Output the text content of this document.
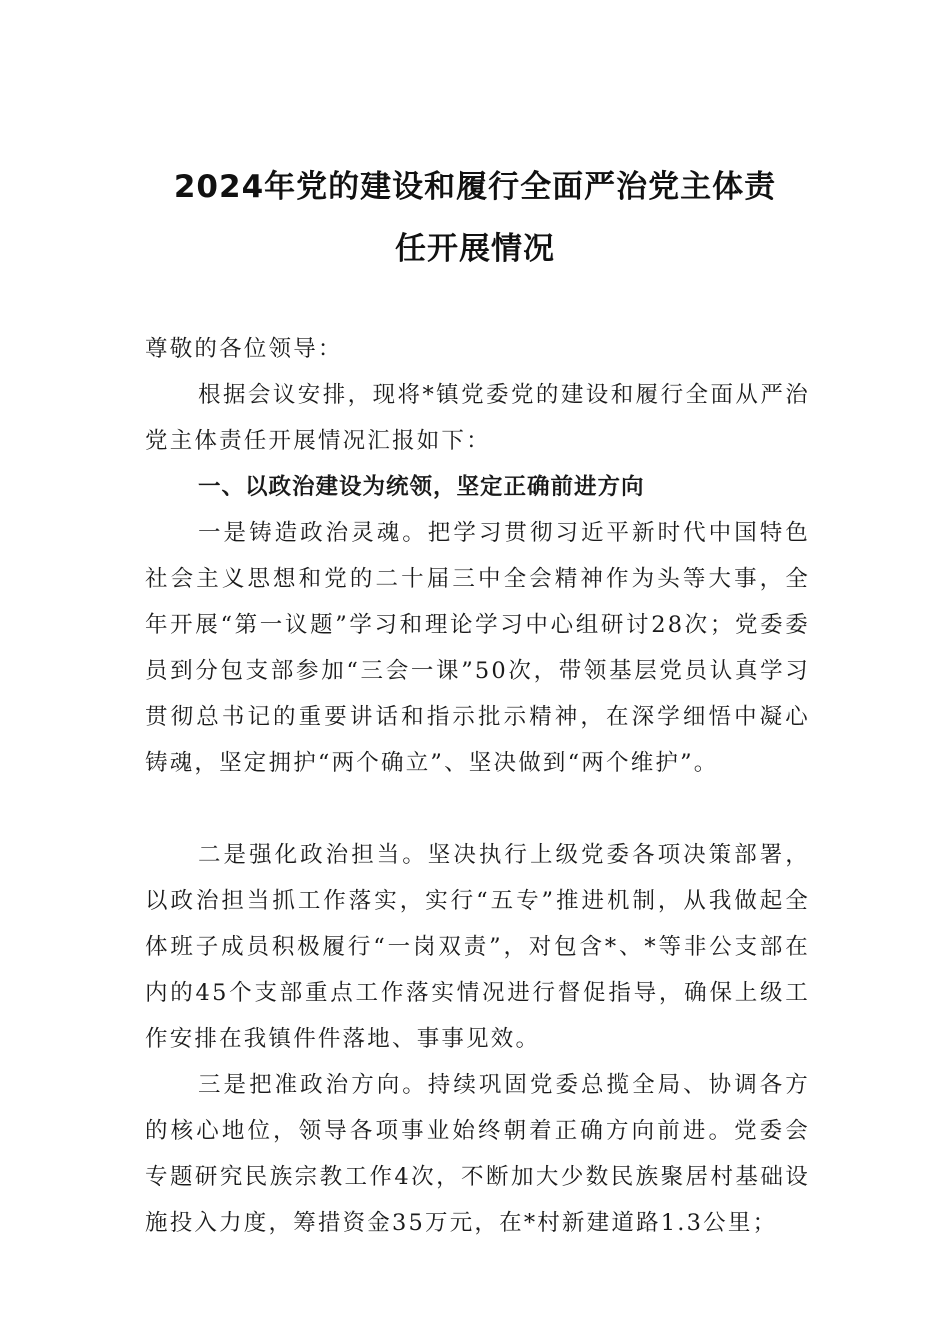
2024年党的建设和履行全面严治党主体责
任开展情况
尊敬的各位领导：
根据会议安排，现将*镇党委党的建设和履行全面从严治党主体责任开展情况汇报如下：
一、以政治建设为统领，坚定正确前进方向
一是铸造政治灵魂。把学习贯彻习近平新时代中国特色社会主义思想和党的二十届三中全会精神作为头等大事，全年开展“第一议题”学习和理论学习中心组研讨28次；党委委员到分包支部参加“三会一课”50次，带领基层党员认真学习贯彻总书记的重要讲话和指示批示精神，在深学细悟中凝心铸魂，坚定拥护“两个确立”、坚决做到“两个维护”。
二是强化政治担当。坚决执行上级党委各项决策部署，以政治担当抓工作落实，实行“五专”推进机制，从我做起全体班子成员积极履行“一岗双责”，对包含*、*等非公支部在内的45个支部重点工作落实情况进行督促指导，确保上级工作安排在我镇件件落地、事事见效。
三是把准政治方向。持续巩固党委总揽全局、协调各方的核心地位，领导各项事业始终朝着正确方向前进。党委会专题研究民族宗教工作4次，不断加大少数民族聚居村基础设施投入力度，筹措资金35万元，在*村新建道路1.3公里；
